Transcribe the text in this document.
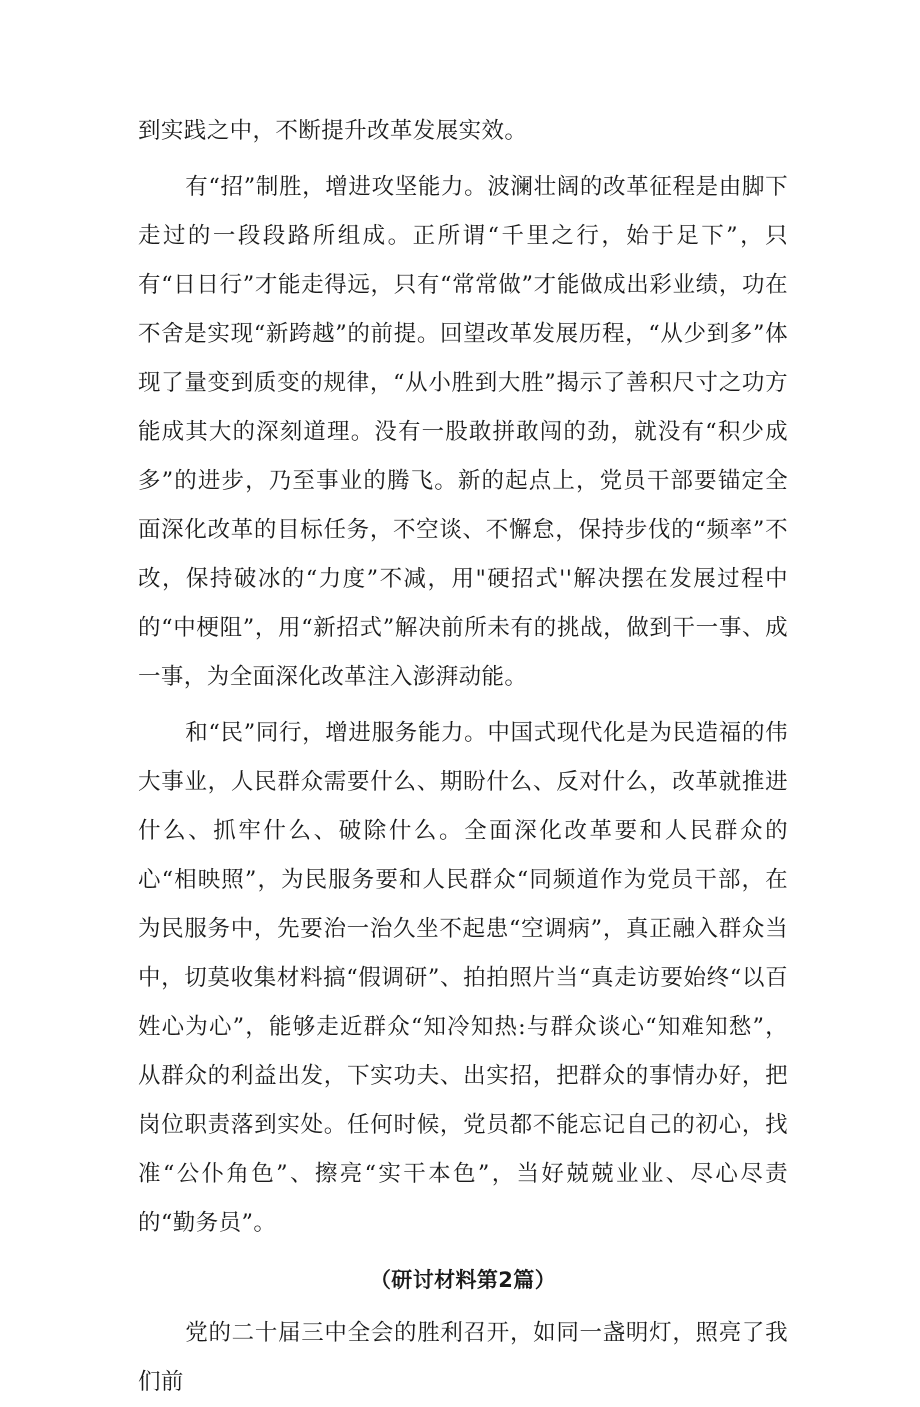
到实践之中，不断提升改革发展实效。

有“招”制胜，增进攻坚能力。波澜壮阔的改革征程是由脚下走过的一段段路所组成。正所谓“千里之行，始于足下”，只有“日日行”才能走得远，只有“常常做”才能做成出彩业绩，功在不舍是实现“新跨越”的前提。回望改革发展历程，“从少到多”体现了量变到质变的规律，“从小胜到大胜”揭示了善积尺寸之功方能成其大的深刻道理。没有一股敢拼敢闯的劲，就没有“积少成多”的进步，乃至事业的腾飞。新的起点上，党员干部要锚定全面深化改革的目标任务，不空谈、不懈怠，保持步伐的“频率”不改，保持破冰的“力度”不减，用"硬招式''解决摆在发展过程中的“中梗阻”，用“新招式”解决前所未有的挑战，做到干一事、成一事，为全面深化改革注入澎湃动能。

和“民”同行，增进服务能力。中国式现代化是为民造福的伟大事业，人民群众需要什么、期盼什么、反对什么，改革就推进什么、抓牢什么、破除什么。全面深化改革要和人民群众的心“相映照”，为民服务要和人民群众“同频道作为党员干部，在为民服务中，先要治一治久坐不起患“空调病”，真正融入群众当中，切莫收集材料搞“假调研”、拍拍照片当“真走访要始终“以百姓心为心”，能够走近群众“知冷知热:与群众谈心“知难知愁”，从群众的利益出发，下实功夫、出实招，把群众的事情办好，把岗位职责落到实处。任何时候，党员都不能忘记自己的初心，找准“公仆角色”、擦亮“实干本色”，当好兢兢业业、尽心尽责的“勤务员”。

（研讨材料第2篇）

党的二十届三中全会的胜利召开，如同一盏明灯，照亮了我们前
